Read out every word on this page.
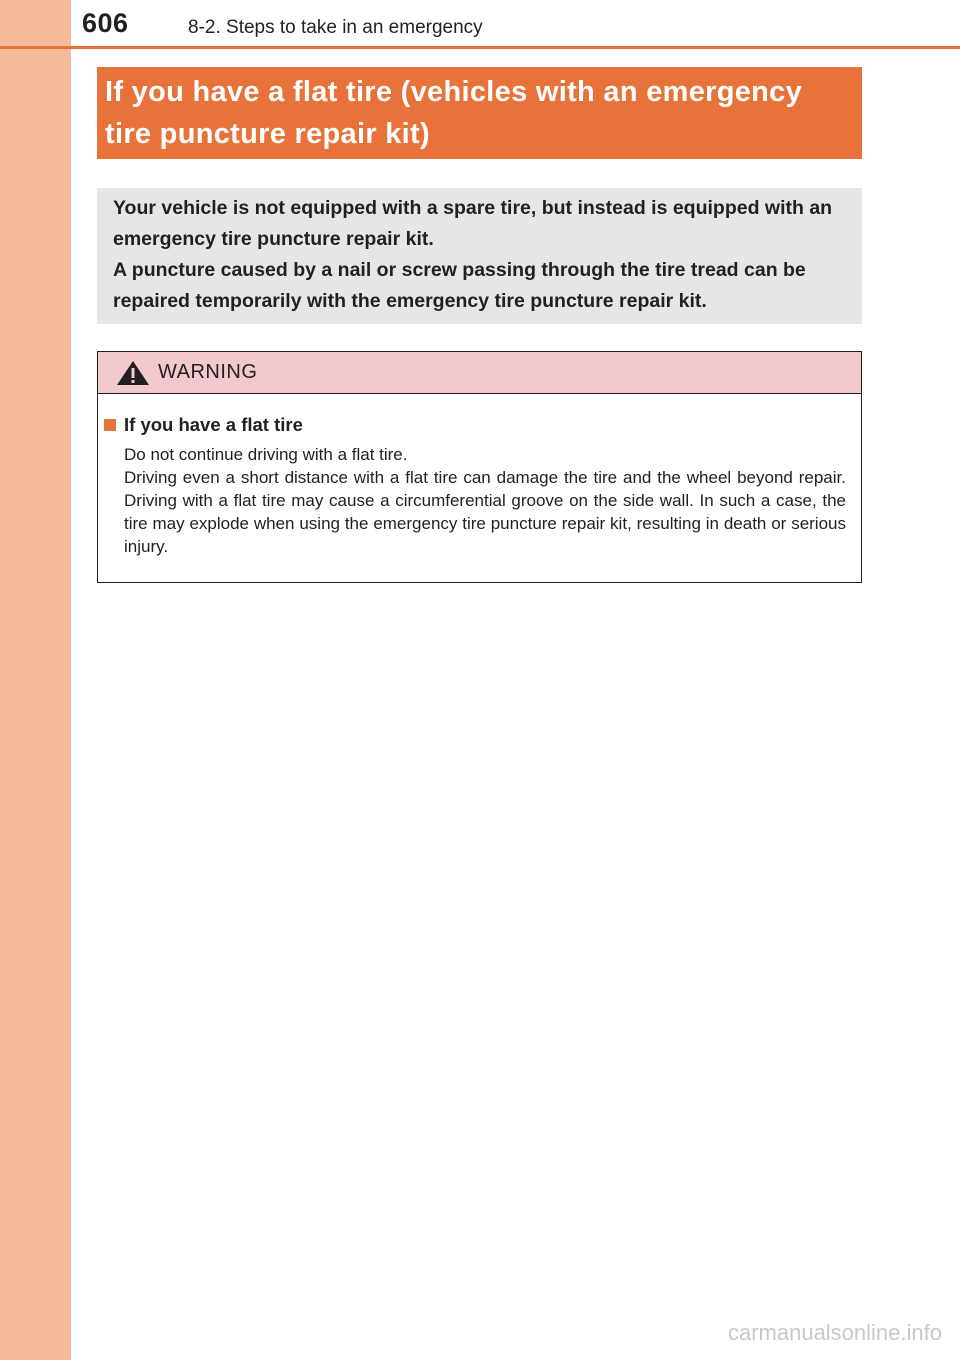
606	8-2. Steps to take in an emergency
If you have a flat tire (vehicles with an emergency
tire puncture repair kit)

Your vehicle is not equipped with a spare tire, but instead is equipped with an

emergency tire puncture repair kit.

A puncture caused by a nail or screw passing through the tire tread can be

repaired temporarily with the emergency tire puncture repair kit.

WARNING
If you have a flat tire

Do not continue driving with a flat tire.

Driving even a short distance with a flat tire can damage the tire and the wheel beyond repair. Driving with a flat tire may cause a circumferential groove on the side wall. In such a case, the tire may explode when using the emergency tire puncture repair kit, resulting in death or serious injury.

carmanualsonline.info
